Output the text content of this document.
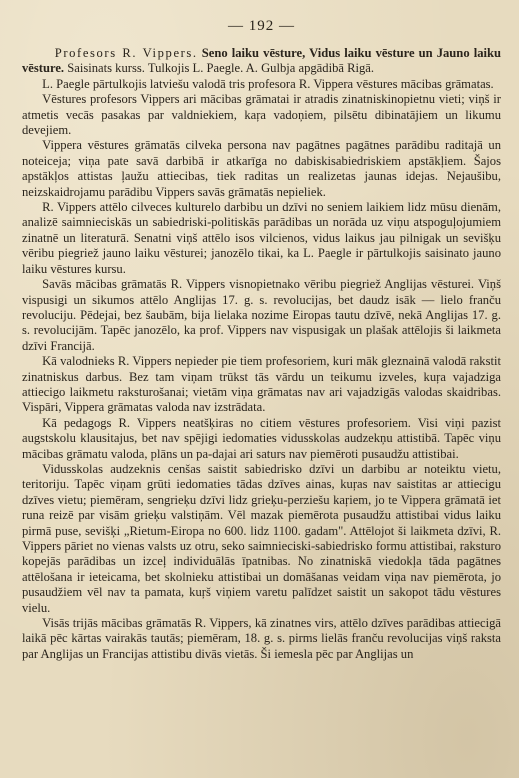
— 192 —

Profesors R. Vippers. Seno laiku vēsture, Vidus laiku vēsture un Jauno laiku vēsture. Saisinats kurss. Tulkojis L. Paegle. A. Gulbja apgādibā Rigā.

L. Paegle pārtulkojis latviešu valodā tris profesora R. Vippera vēstures mācibas grāmatas.

Vēstures profesors Vippers ari mācibas grāmatai ir atradis zinatniskinopietnu vieti; viņš ir atmetis vecās pasakas par valdniekiem, kaŗa vadoņiem, pilsētu dibinatājiem un likumu devejiem.

Vippera vēstures grāmatās cilveka persona nav pagātnes pagātnes parādibu raditajā un noteiceja; viņa pate savā darbibā ir atkarīga no dabiskisabiedriskiem apstākļiem. Šajos apstākļos attistas ļaužu attiecibas, tiek raditas un realizetas jaunas idejas. Nejaušibu, neizskaidrojamu parādibu Vippers savās grāmatās nepieliek.

R. Vippers attēlo cilveces kulturelo darbibu un dzīvi no seniem laikiem lidz mūsu dienām, analizē saimnieciskās un sabiedriski-politiskās parādibas un norāda uz viņu atspoguļojumiem zinatnē un literaturā. Senatni viņš attēlo isos vilcienos, vidus laikus jau pilnigak un sevišķu vēribu piegriež jauno laiku vēsturei; janozēlo tikai, ka L. Paegle ir pārtulkojis saisinato jauno laiku vēstures kursu.

Savās mācibas grāmatās R. Vippers visnopietnako vēribu piegriež Anglijas vēsturei. Viņš vispusigi un sikumos attēlo Anglijas 17. g. s. revolucijas, bet daudz isāk — lielo franču revoluciju. Pēdejai, bez šaubām, bija lielaka nozime Eiropas tautu dzīvē, nekā Anglijas 17. g. s. revolucijām. Tapēc janozēlo, ka prof. Vippers nav vispusigak un plašak attēlojis ši laikmeta dzīvi Francijā.

Kā valodnieks R. Vippers nepieder pie tiem profesoriem, kuri māk gleznainā valodā rakstit zinatniskus darbus. Bez tam viņam trūkst tās vārdu un teikumu izveles, kuŗa vajadziga attiecigo laikmetu raksturošanai; vietām viņa grāmatas nav ari vajadzigās valodas skaidribas. Vispāri, Vippera grāmatas valoda nav izstrādata.

Kā pedagogs R. Vippers neatšķiras no citiem vēstures profesoriem. Visi viņi pazist augstskolu klausitajus, bet nav spējigi iedomaties vidusskolas audzekņu attistibā. Tapēc viņu mācibas grāmatu valoda, plāns un pa-dajai ari saturs nav piemēroti pusaudžu attistibai.

Vidusskolas audzeknis cenšas saistit sabiedrisko dzīvi un darbibu ar noteiktu vietu, teritoriju. Tapēc viņam grūti iedomaties tādas dzīves ainas, kuŗas nav saistitas ar attiecigu dzīves vietu; piemēram, sengrieķu dzīvi lidz grieķu-perziešu kaŗiem, jo te Vippera grāmatā iet runa reizē par visām grieķu valstiņām. Vēl mazak piemērota pusaudžu attistibai vidus laiku pirmā puse, sevišķi „Rietum-Eiropa no 600. lidz 1100. gadam". Attēlojot ši laikmeta dzīvi, R. Vippers pāriet no vienas valsts uz otru, seko saimnieciski-sabiedrisko formu attistibai, raksturo kopejās parādibas un izceļ individuālās īpatnibas. No zinatniskā viedokļa tāda pagātnes attēlošana ir ieteicama, bet skolnieku attistibai un domāšanas veidam viņa nav piemērota, jo pusaudžiem vēl nav ta pamata, kuŗš viņiem varetu palīdzet saistit un sakopot tādu vēstures vielu.

Visās trijās mācibas grāmatās R. Vippers, kā zinatnes virs, attēlo dzīves parādibas attiecigā laikā pēc kārtas vairakās tautās; piemēram, 18. g. s. pirms lielās franču revolucijas viņš raksta par Anglijas un Francijas attistibu divās vietās. Ši iemesla pēc par Anglijas un
